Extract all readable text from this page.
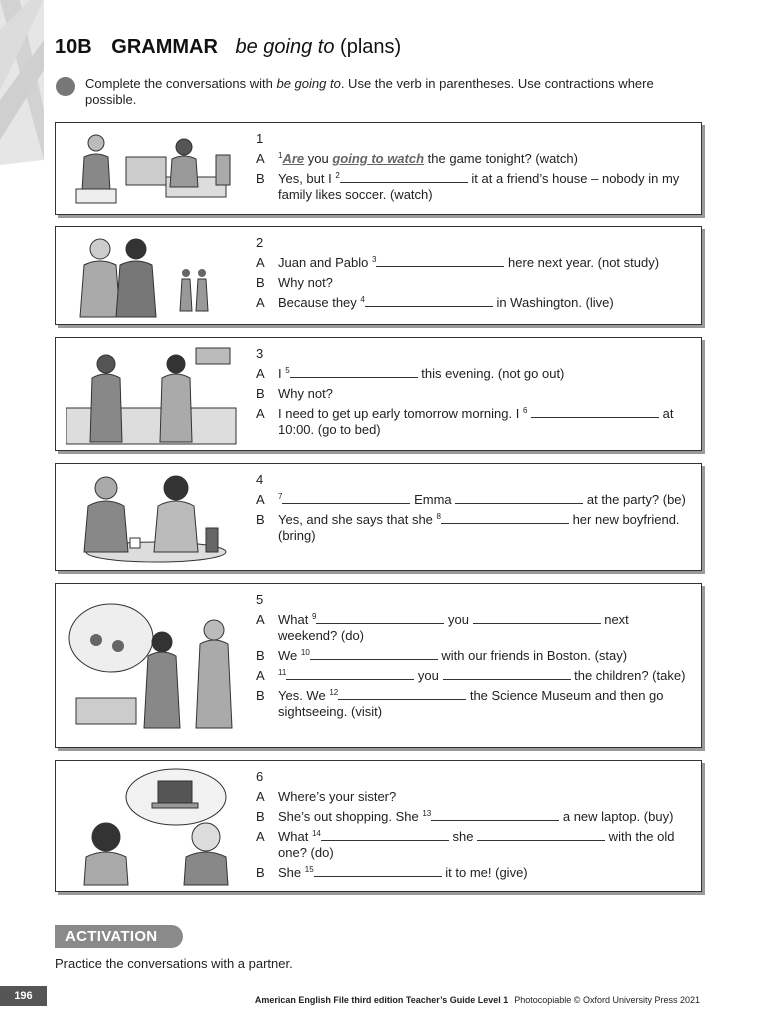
10B GRAMMAR be going to (plans)
Complete the conversations with be going to. Use the verb in parentheses. Use contractions where possible.
1
A	$^1$Are you going to watch the game tonight? (watch)
B	Yes, but I $^2$	it at a friend’s house – nobody in my family likes soccer. (watch)
2
A	Juan and Pablo $^3$	here next year. (not study)
B	Why not?
A	Because they $^4$	in Washington. (live)
3
A	I $^5$	this evening. (not go out)
B	Why not?
A	I need to get up early tomorrow morning. I $^6$	at 10:00. (go to bed)
4
A	$^7$	Emma	at the party? (be)
B	Yes, and she says that she $^8$	her new boyfriend. (bring)
5
A	What $^9$	you	next weekend? (do)
B	We $^{10}$	with our friends in Boston. (stay)
A	$^{11}$	you	the children? (take)
B	Yes. We $^{12}$	the Science Museum and then go sightseeing. (visit)
6
A	Where’s your sister?
B	She’s out shopping. She $^{13}$	a new laptop. (buy)
A	What $^{14}$	she	with the old one? (do)
B	She $^{15}$	it to me! (give)
ACTIVATION
Practice the conversations with a partner.
196	American English File third edition Teacher’s Guide Level 1 Photocopiable © Oxford University Press 2021
